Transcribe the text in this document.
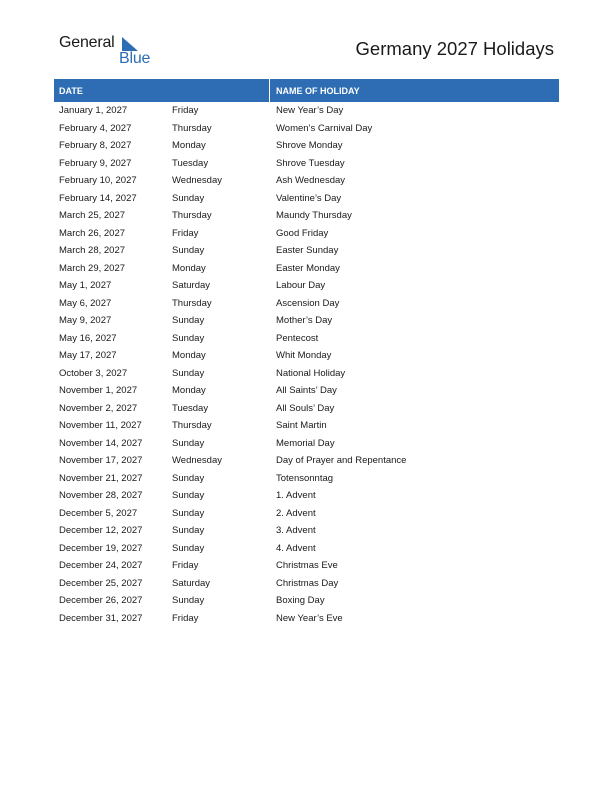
General
Blue	Germany 2027 Holidays
DATE	NAME OF HOLIDAY
January 1, 2027	Friday	New Year’s Day
February 4, 2027	Thursday	Women’s Carnival Day
February 8, 2027	Monday	Shrove Monday
February 9, 2027	Tuesday	Shrove Tuesday
February 10, 2027	Wednesday	Ash Wednesday
February 14, 2027	Sunday	Valentine’s Day
March 25, 2027	Thursday	Maundy Thursday
March 26, 2027	Friday	Good Friday
March 28, 2027	Sunday	Easter Sunday
March 29, 2027	Monday	Easter Monday
May 1, 2027	Saturday	Labour Day
May 6, 2027	Thursday	Ascension Day
May 9, 2027	Sunday	Mother’s Day
May 16, 2027	Sunday	Pentecost
May 17, 2027	Monday	Whit Monday
October 3, 2027	Sunday	National Holiday
November 1, 2027	Monday	All Saints’ Day
November 2, 2027	Tuesday	All Souls’ Day
November 11, 2027	Thursday	Saint Martin
November 14, 2027	Sunday	Memorial Day
November 17, 2027	Wednesday	Day of Prayer and Repentance
November 21, 2027	Sunday	Totensonntag
November 28, 2027	Sunday	1. Advent
December 5, 2027	Sunday	2. Advent
December 12, 2027	Sunday	3. Advent
December 19, 2027	Sunday	4. Advent
December 24, 2027	Friday	Christmas Eve
December 25, 2027	Saturday	Christmas Day
December 26, 2027	Sunday	Boxing Day
December 31, 2027	Friday	New Year’s Eve
